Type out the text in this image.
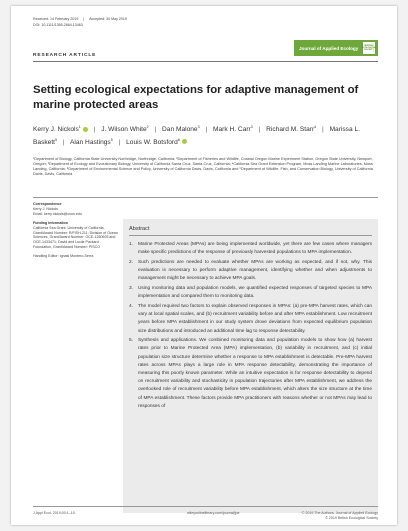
Received: 14 February 2019 | Accepted: 30 May 2019
DOI: 10.1111/1365-2664.13463
Journal of Applied Ecology	BRITISH ECOLOGICAL SOCIETY
RESEARCH ARTICLE
Setting ecological expectations for adaptive management of marine protected areas
Kerry J. Nickols$^1$ | J. Wilson White$^2$ | Dan Malone$^3$ | Mark H. Carr$^3$ | Richard M. Starr$^4$ | Marissa L. Baskett$^5$ | Alan Hastings$^5$ | Louis W. Botsford$^6$
¹Department of Biology, California State University Northridge, Northridge, California; ²Department of Fisheries and Wildlife, Coastal Oregon Marine Experiment Station, Oregon State University, Newport, Oregon; ³Department of Ecology and Evolutionary Biology, University of California Santa Cruz, Santa Cruz, California; ⁴California Sea Grant Extension Program, Moss Landing Marine Laboratories, Moss Landing, California; ⁵Department of Environmental Science and Policy, University of California Davis, Davis, California and ⁶Department of Wildlife, Fish, and Conservation Biology, University of California Davis, Davis, California
Correspondence
Kerry J. Nickols
Email: kerry.nickols@csun.edu
Funding information
California Sea Grant, University of California, Grant/Award Number: R/FISH-211; Division of Ocean Sciences, Grant/Award Number: OCE-1260693 and OCE-1433471; David and Lucile Packard Foundation, Grant/Award Number: PISCO
Handling Editor: Ignasi Montero-Serra
Abstract
1. Marine Protected Areas (MPAs) are being implemented worldwide, yet there are few cases where managers make specific predictions of the response of previously harvested populations to MPA implementation.
2. Such predictions are needed to evaluate whether MPAs are working as expected, and if not, why. This evaluation is necessary to perform adaptive management, identifying whether and when adjustments to management might be necessary to achieve MPA goals.
3. Using monitoring data and population models, we quantified expected responses of targeted species to MPA implementation and compared them to monitoring data.
4. The model required two factors to explain observed responses in MPAs: (a) pre-MPA harvest rates, which can vary at local spatial scales, and (b) recruitment variability before and after MPA establishment. Low recruitment years before MPA establishment in our study system drove deviations from expected equilibrium population size distributions and introduced an additional time lag to response detectability.
5. Synthesis and applications. We combined monitoring data and population models to show how (a) harvest rates prior to Marine Protected Area (MPA) implementation, (b) variability in recruitment, and (c) initial population size structure determine whether a response to MPA establishment is detectable. Pre-MPA harvest rates across MPAs plays a large role in MPA response detectability, demonstrating the importance of measuring this poorly known parameter. While an intuitive expectation is for response detectability to depend on recruitment variability and stochasticity in population trajectories after MPA establishment, we address the overlooked role of recruitment variability before MPA establishment, which alters the size structure at the time of MPA establishment. These factors provide MPA practitioners with reasons whether or not MPAs may lead to responses of
J Appl Ecol. 2019;00:1–10.	wileyonlinelibrary.com/journal/jpe	© 2019 The Authors. Journal of Applied Ecology
© 2019 British Ecological Society
